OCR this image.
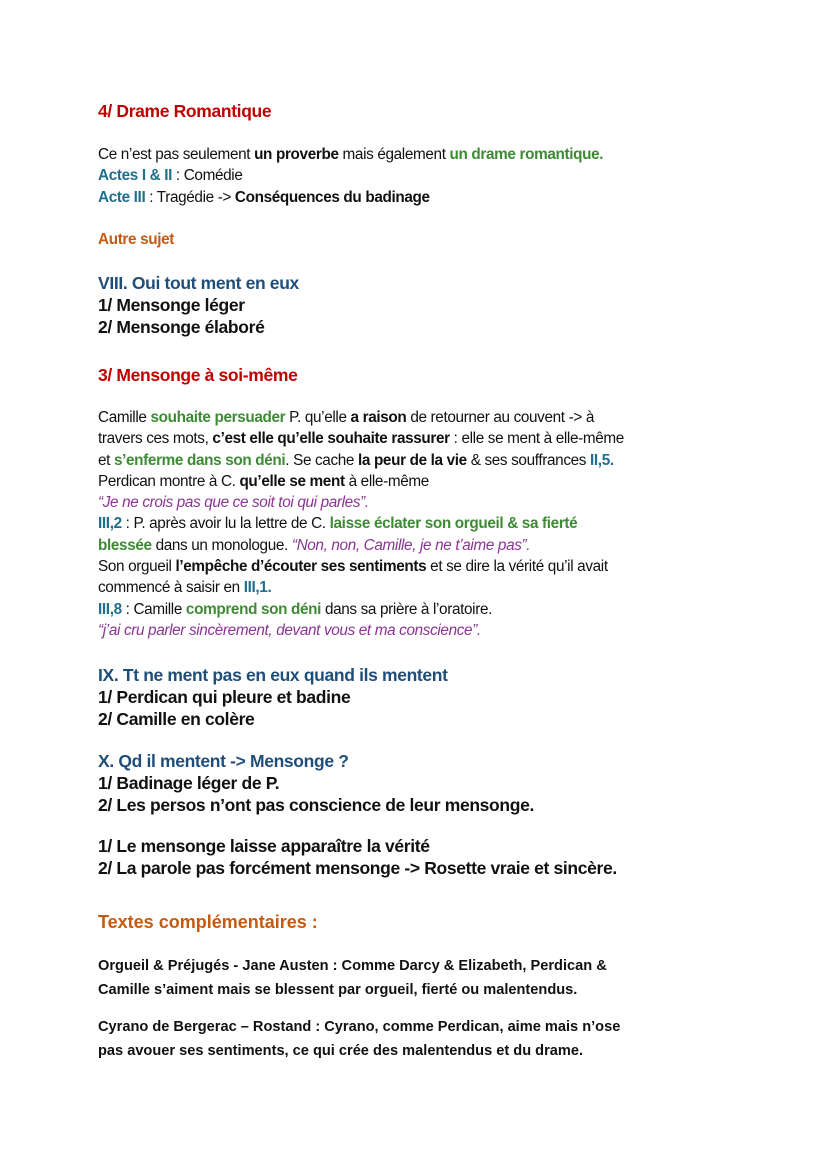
4/ Drame Romantique
Ce n’est pas seulement un proverbe mais également un drame romantique.
Actes I & II : Comédie
Acte III : Tragédie -> Conséquences du badinage
Autre sujet
VIII. Oui tout ment en eux
1/ Mensonge léger
2/ Mensonge élaboré
3/ Mensonge à soi-même
Camille souhaite persuader P. qu’elle a raison de retourner au couvent -> à
travers ces mots, c’est elle qu’elle souhaite rassurer : elle se ment à elle-même
et s’enferme dans son déni. Se cache la peur de la vie & ses souffrances II,5.
Perdican montre à C. qu’elle se ment à elle-même
“Je ne crois pas que ce soit toi qui parles”.
III,2 : P. après avoir lu la lettre de C. laisse éclater son orgueil & sa fierté
blessée dans un monologue. “Non, non, Camille, je ne t’aime pas”.
Son orgueil l’empêche d’écouter ses sentiments et se dire la vérité qu’il avait
commencé à saisir en III,1.
III,8 : Camille comprend son déni dans sa prière à l’oratoire.
“j’ai cru parler sincèrement, devant vous et ma conscience”.
IX. Tt ne ment pas en eux quand ils mentent
1/ Perdican qui pleure et badine
2/ Camille en colère
X. Qd il mentent -> Mensonge ?
1/ Badinage léger de P.
2/ Les persos n’ont pas conscience de leur mensonge.
1/ Le mensonge laisse apparaître la vérité
2/ La parole pas forcément mensonge -> Rosette vraie et sincère.
Textes complémentaires :
Orgueil & Préjugés - Jane Austen : Comme Darcy & Elizabeth, Perdican &
Camille s’aiment mais se blessent par orgueil, fierté ou malentendus.
Cyrano de Bergerac – Rostand : Cyrano, comme Perdican, aime mais n’ose
pas avouer ses sentiments, ce qui crée des malentendus et du drame.
